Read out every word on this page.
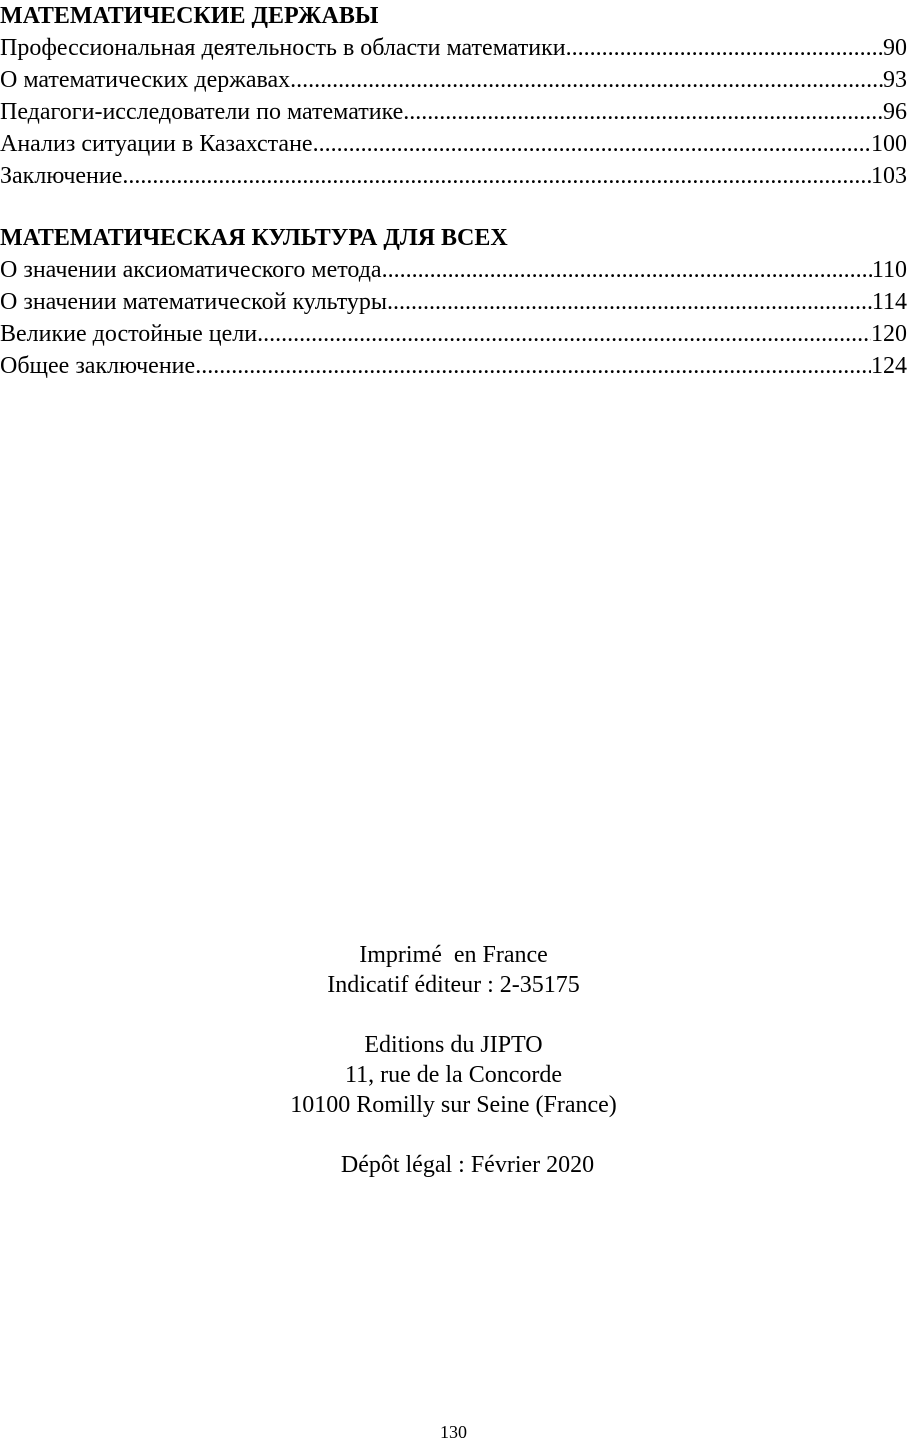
МАТЕМАТИЧЕСКИЕ ДЕРЖАВЫ
Профессиональная деятельность в области математики .....	90
О математических державах .....	93
Педагоги-исследователи по математике .....	96
Анализ ситуации в Казахстане .....	100
Заключение .....	103
МАТЕМАТИЧЕСКАЯ КУЛЬТУРА ДЛЯ ВСЕХ
О значении аксиоматического метода .....	110
О значении математической культуры .....	114
Великие достойные цели .....	120
Общее заключение .....	124
Imprimé  en France
Indicatif éditeur : 2-35175
Editions du JIPTO
11, rue de la Concorde
10100 Romilly sur Seine (France)
Dépôt légal : Février 2020
130
